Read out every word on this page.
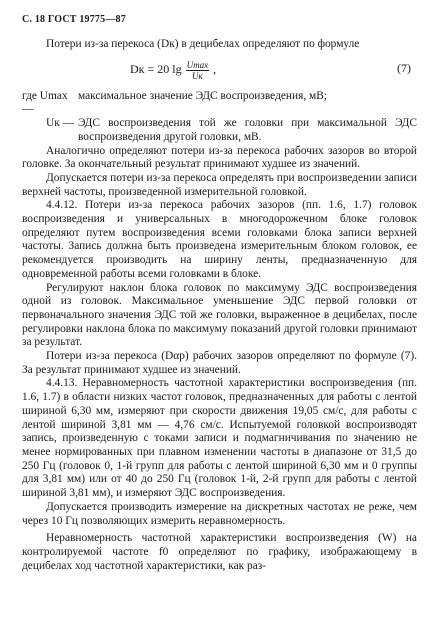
С. 18 ГОСТ 19775—87

Потери из-за перекоса (Dк) в децибелах определяют по формуле

Dк = 20 $\lg \frac{Umax}{Uк}$ ,	(7)
где Umax —
максимальное значение ЭДС воспроизведения, мВ;
Uк — ЭДС воспроизведения той же головки при максимальной ЭДС воспроизведения другой головки, мВ.

Аналогично определяют потери из-за перекоса рабочих зазоров во второй головке. За окончательный результат принимают худшее из значений.

Допускается потери из-за перекоса определять при воспроизведении записи верхней частоты, произведенной измерительной головкой.

4.4.12. Потери из-за перекоса рабочих зазоров (пп. 1.6, 1.7) головок воспроизведения и универсальных в многодорожечном блоке головок определяют путем воспроизведения всеми головками блока записи верхней частоты. Запись должна быть произведена измерительным блоком головок, ее рекомендуется производить на ширину ленты, предназначенную для одновременной работы всеми головками в блоке.

Регулируют наклон блока головок по максимуму ЭДС воспроизведения одной из головок. Максимальное уменьшение ЭДС первой головки от первоначального значения ЭДС той же головки, выраженное в децибелах, после регулировки наклона блока по максимуму показаний другой головки принимают за результат.

Потери из-за перекоса (Dαр) рабочих зазоров определяют по формуле (7). За результат принимают худшее из значений.

4.4.13. Неравномерность частотной характеристики воспроизведения (пп. 1.6, 1.7) в области низких частот головок, предназначенных для работы с лентой шириной 6,30 мм, измеряют при скорости движения 19,05 см/с, для работы с лентой шириной 3,81 мм — 4,76 см/с. Испытуемой головкой воспроизводят запись, произведенную с токами записи и подмагничивания по значению не менее нормированных при плавном изменении частоты в диапазоне от 31,5 до 250 Гц (головок 0, 1-й групп для работы с лентой шириной 6,30 мм и 0 группы для 3,81 мм) или от 40 до 250 Гц (головок 1-й, 2-й групп для работы с лентой шириной 3,81 мм), и измеряют ЭДС воспроизведения.

Допускается производить измерение на дискретных частотах не реже, чем через 10 Гц позволяющих измерить неравномерность.

Неравномерность частотной характеристики воспроизведения (W) на контролируемой частоте f0 определяют по графику, изображающему в децибелах ход частотной характеристики, как раз-
